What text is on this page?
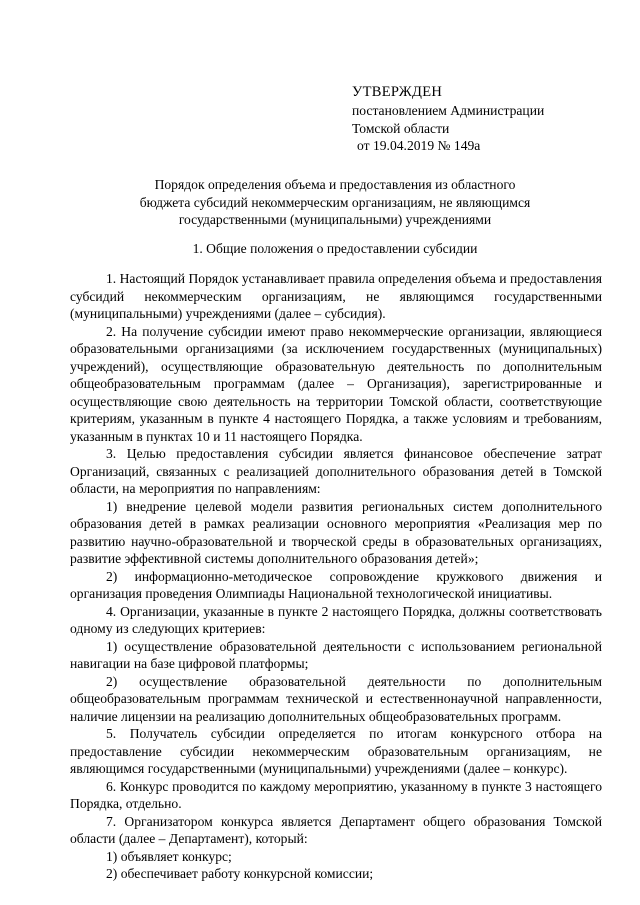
УТВЕРЖДЕН
постановлением Администрации
Томской области
от 19.04.2019 № 149а
Порядок определения объема и предоставления из областного
бюджета субсидий некоммерческим организациям, не являющимся
государственными (муниципальными) учреждениями
1. Общие положения о предоставлении субсидии

1. Настоящий Порядок устанавливает правила определения объема и предоставления субсидий некоммерческим организациям, не являющимся государственными (муниципальными) учреждениями (далее – субсидия).

2. На получение субсидии имеют право некоммерческие организации, являющиеся образовательными организациями (за исключением государственных (муниципальных) учреждений), осуществляющие образовательную деятельность по дополнительным общеобразовательным программам (далее – Организация), зарегистрированные и осуществляющие свою деятельность на территории Томской области, соответствующие критериям, указанным в пункте 4 настоящего Порядка, а также условиям и требованиям, указанным в пунктах 10 и 11 настоящего Порядка.

3. Целью предоставления субсидии является финансовое обеспечение затрат Организаций, связанных с реализацией дополнительного образования детей в Томской области, на мероприятия по направлениям:

1) внедрение целевой модели развития региональных систем дополнительного образования детей в рамках реализации основного мероприятия «Реализация мер по развитию научно-образовательной и творческой среды в образовательных организациях, развитие эффективной системы дополнительного образования детей»;

2) информационно-методическое сопровождение кружкового движения и организация проведения Олимпиады Национальной технологической инициативы.

4. Организации, указанные в пункте 2 настоящего Порядка, должны соответствовать одному из следующих критериев:

1) осуществление образовательной деятельности с использованием региональной навигации на базе цифровой платформы;

2) осуществление образовательной деятельности по дополнительным общеобразовательным программам технической и естественнонаучной направленности, наличие лицензии на реализацию дополнительных общеобразовательных программ.

5. Получатель субсидии определяется по итогам конкурсного отбора на предоставление субсидии некоммерческим образовательным организациям, не являющимся государственными (муниципальными) учреждениями (далее – конкурс).

6. Конкурс проводится по каждому мероприятию, указанному в пункте 3 настоящего Порядка, отдельно.

7. Организатором конкурса является Департамент общего образования Томской области (далее – Департамент), который:

1) объявляет конкурс;

2) обеспечивает работу конкурсной комиссии;
